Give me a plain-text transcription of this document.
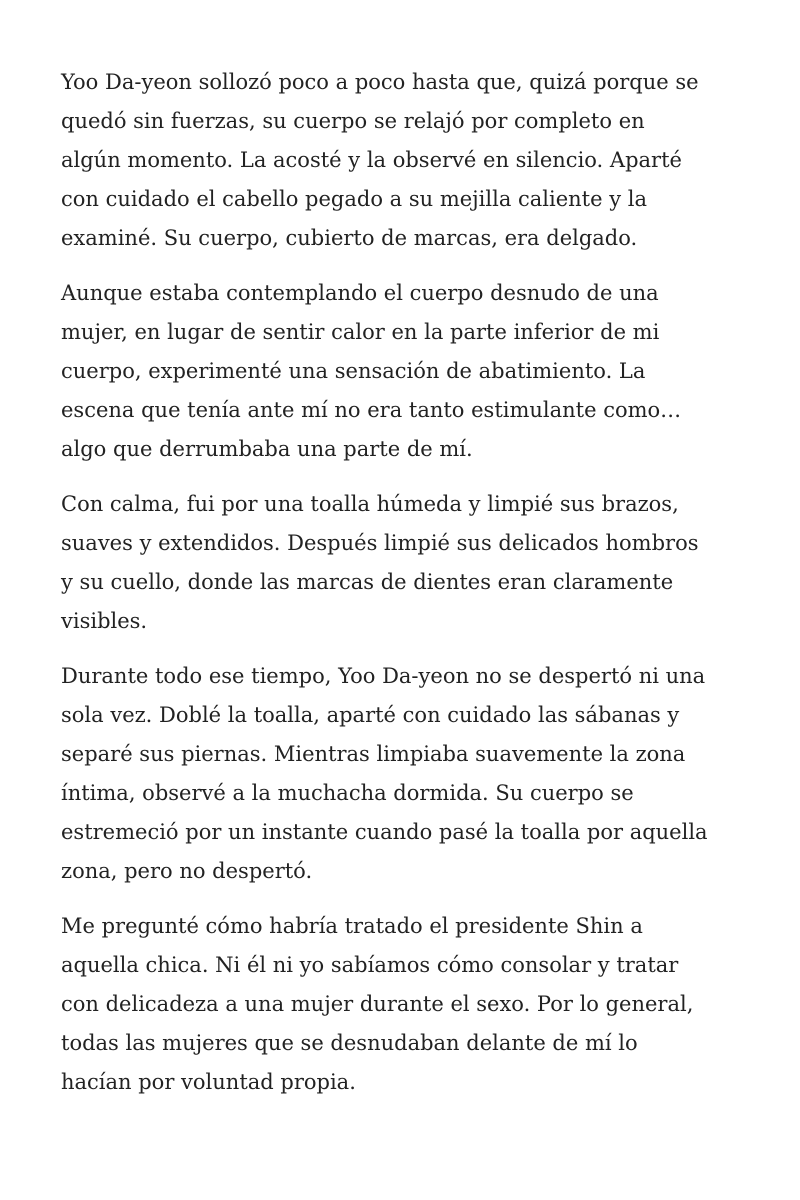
Yoo Da-yeon sollozó poco a poco hasta que, quizá porque se
quedó sin fuerzas, su cuerpo se relajó por completo en
algún momento. La acosté y la observé en silencio. Aparté
con cuidado el cabello pegado a su mejilla caliente y la
examiné. Su cuerpo, cubierto de marcas, era delgado.

Aunque estaba contemplando el cuerpo desnudo de una
mujer, en lugar de sentir calor en la parte inferior de mi
cuerpo, experimenté una sensación de abatimiento. La
escena que tenía ante mí no era tanto estimulante como…
algo que derrumbaba una parte de mí.

Con calma, fui por una toalla húmeda y limpié sus brazos,
suaves y extendidos. Después limpié sus delicados hombros
y su cuello, donde las marcas de dientes eran claramente
visibles.

Durante todo ese tiempo, Yoo Da-yeon no se despertó ni una
sola vez. Doblé la toalla, aparté con cuidado las sábanas y
separé sus piernas. Mientras limpiaba suavemente la zona
íntima, observé a la muchacha dormida. Su cuerpo se
estremeció por un instante cuando pasé la toalla por aquella
zona, pero no despertó.

Me pregunté cómo habría tratado el presidente Shin a
aquella chica. Ni él ni yo sabíamos cómo consolar y tratar
con delicadeza a una mujer durante el sexo. Por lo general,
todas las mujeres que se desnudaban delante de mí lo
hacían por voluntad propia.
